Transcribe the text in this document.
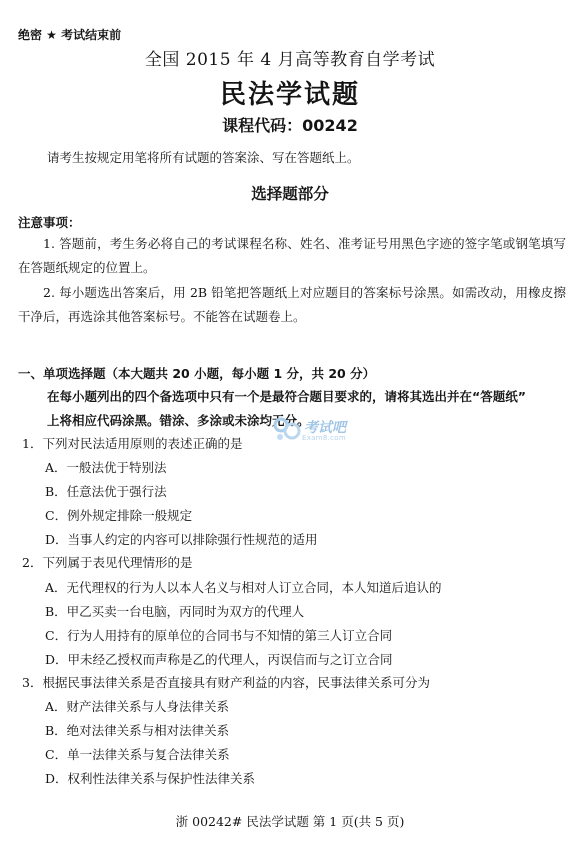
绝密 ★ 考试结束前
全国 2015 年 4 月高等教育自学考试
民法学试题
课程代码：00242
请考生按规定用笔将所有试题的答案涂、写在答题纸上。
选择题部分
注意事项：

1. 答题前，考生务必将自己的考试课程名称、姓名、准考证号用黑色字迹的签字笔或钢笔填写在答题纸规定的位置上。

2. 每小题选出答案后，用 2B 铅笔把答题纸上对应题目的答案标号涂黑。如需改动，用橡皮擦干净后，再选涂其他答案标号。不能答在试题卷上。

一、单项选择题（本大题共 20 小题，每小题 1 分，共 20 分）
在每小题列出的四个备选项中只有一个是最符合题目要求的，请将其选出并在“答题纸”
上将相应代码涂黑。错涂、多涂或未涂均无分。
1．下列对民法适用原则的表述正确的是
A．一般法优于特别法
B．任意法优于强行法
C．例外规定排除一般规定
D．当事人约定的内容可以排除强行性规范的适用
2．下列属于表见代理情形的是
A．无代理权的行为人以本人名义与相对人订立合同，本人知道后追认的
B．甲乙买卖一台电脑，丙同时为双方的代理人
C．行为人用持有的原单位的合同书与不知情的第三人订立合同
D．甲未经乙授权而声称是乙的代理人，丙误信而与之订立合同
3．根据民事法律关系是否直接具有财产利益的内容，民事法律关系可分为
A．财产法律关系与人身法律关系
B．绝对法律关系与相对法律关系
C．单一法律关系与复合法律关系
D．权利性法律关系与保护性法律关系
考试吧
Exam8.com
浙 00242# 民法学试题 第 1 页(共 5 页)
